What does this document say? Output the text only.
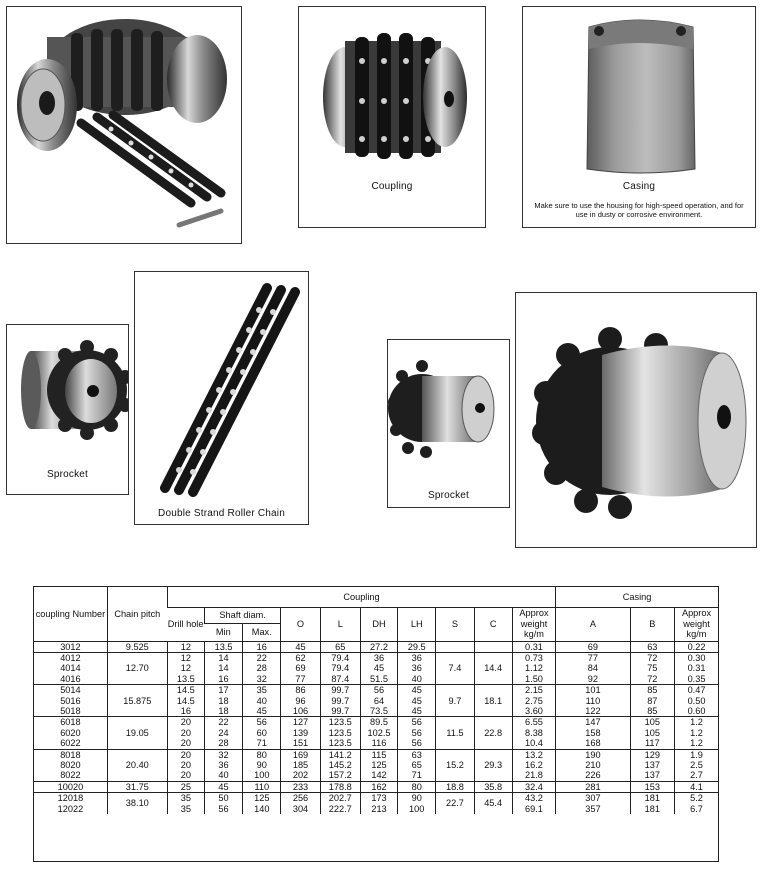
Coupling	Casing
Make sure to use the housing for high-speed operation, and for use in dusty or corrosive environment.
Sprocket
Double Strand Roller Chain
Sprocket
coupling Number	Chain pitch	Coupling										Casing		
		Drill hole	Shaft diam.		O	L	DH	LH	S	C	Approx weight kg/m	A	B	Approx weight kg/m
			Min	Max.										
3012	9.525	12	13.5	16	45	65	27.2	29.5			0.31	69	63	0.22
4012	12.70	12	14	22	62	79.4	36	36	7.4	14.4	0.73	77	72	0.30
4014		12	14	28	69	79.4	45	36			1.12	84	75	0.31
4016		13.5	16	32	77	87.4	51.5	40			1.50	92	72	0.35
5014	15.875	14.5	17	35	86	99.7	56	45	9.7	18.1	2.15	101	85	0.47
5016		14.5	18	40	96	99.7	64	45			2.75	110	87	0.50
5018		16	18	45	106	99.7	73.5	45			3.60	122	85	0.60
6018	19.05	20	22	56	127	123.5	89.5	56	11.5	22.8	6.55	147	105	1.2
6020		20	24	60	139	123.5	102.5	56			8.38	158	105	1.2
6022		20	28	71	151	123.5	116	56			10.4	168	117	1.2
8018	20.40	20	32	80	169	141.2	115	63	15.2	29.3	13.2	190	129	1.9
8020		20	36	90	185	145.2	125	65			16.2	210	137	2.5
8022		20	40	100	202	157.2	142	71			21.8	226	137	2.7
10020	31.75	25	45	110	233	178.8	162	80	18.8	35.8	32.4	281	153	4.1
12018	38.10	35	50	125	256	202.7	173	90	22.7	45.4	43.2	307	181	5.2
12022		35	56	140	304	222.7	213	100			69.1	357	181	6.7
